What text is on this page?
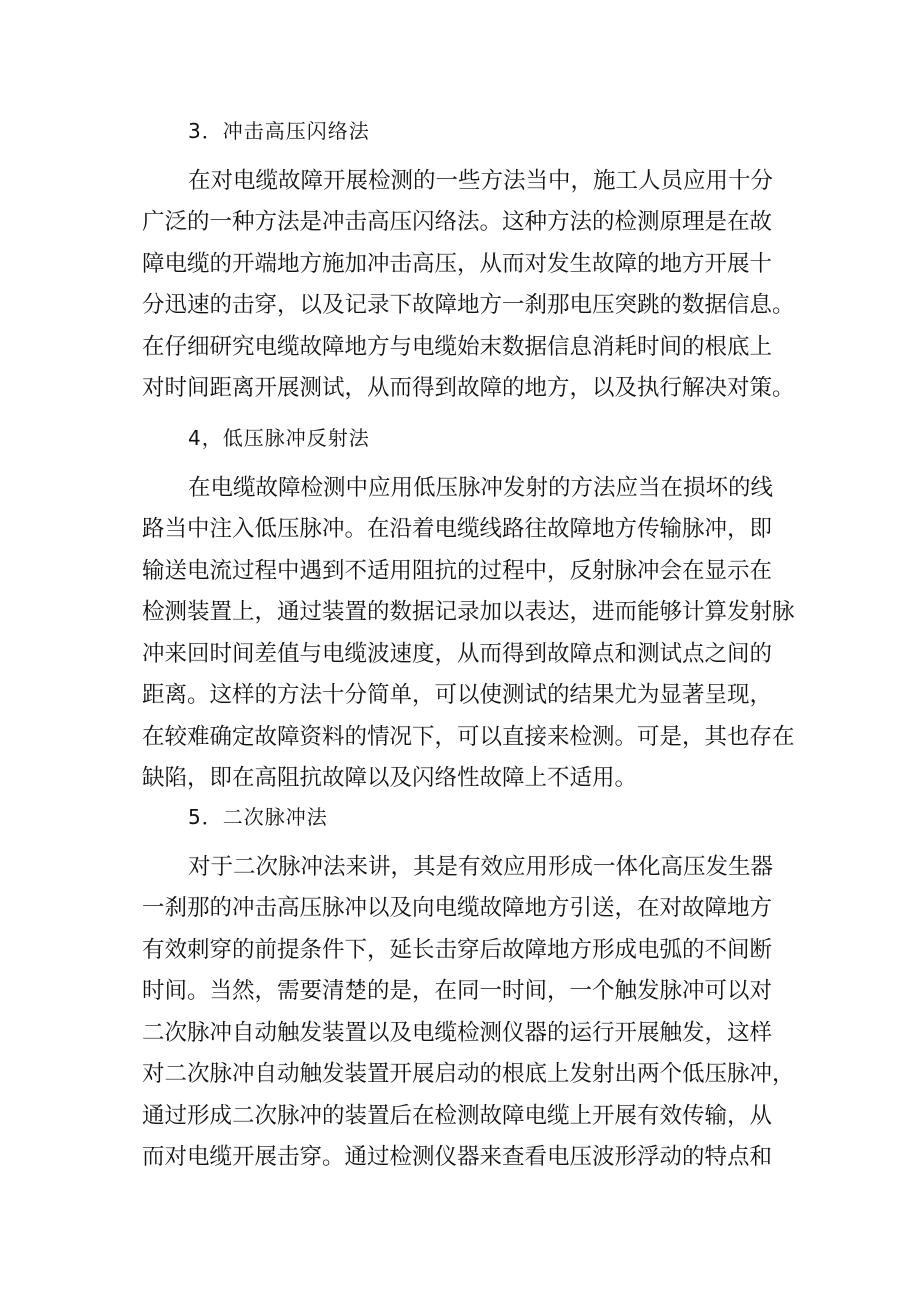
3．冲击高压闪络法
在对电缆故障开展检测的一些方法当中，施工人员应用十分
广泛的一种方法是冲击高压闪络法。这种方法的检测原理是在故
障电缆的开端地方施加冲击高压，从而对发生故障的地方开展十
分迅速的击穿，以及记录下故障地方一刹那电压突跳的数据信息。
在仔细研究电缆故障地方与电缆始末数据信息消耗时间的根底上
对时间距离开展测试，从而得到故障的地方，以及执行解决对策。
4，低压脉冲反射法
在电缆故障检测中应用低压脉冲发射的方法应当在损坏的线
路当中注入低压脉冲。在沿着电缆线路往故障地方传输脉冲，即
输送电流过程中遇到不适用阻抗的过程中，反射脉冲会在显示在
检测装置上，通过装置的数据记录加以表达，进而能够计算发射脉
冲来回时间差值与电缆波速度，从而得到故障点和测试点之间的
距离。这样的方法十分简单，可以使测试的结果尤为显著呈现，
在较难确定故障资料的情况下，可以直接来检测。可是，其也存在
缺陷，即在高阻抗故障以及闪络性故障上不适用。
5．二次脉冲法
对于二次脉冲法来讲，其是有效应用形成一体化高压发生器
一刹那的冲击高压脉冲以及向电缆故障地方引送，在对故障地方
有效刺穿的前提条件下，延长击穿后故障地方形成电弧的不间断
时间。当然，需要清楚的是，在同一时间，一个触发脉冲可以对
二次脉冲自动触发装置以及电缆检测仪器的运行开展触发，这样
对二次脉冲自动触发装置开展启动的根底上发射出两个低压脉冲，
通过形成二次脉冲的装置后在检测故障电缆上开展有效传输，从
而对电缆开展击穿。通过检测仪器来查看电压波形浮动的特点和
